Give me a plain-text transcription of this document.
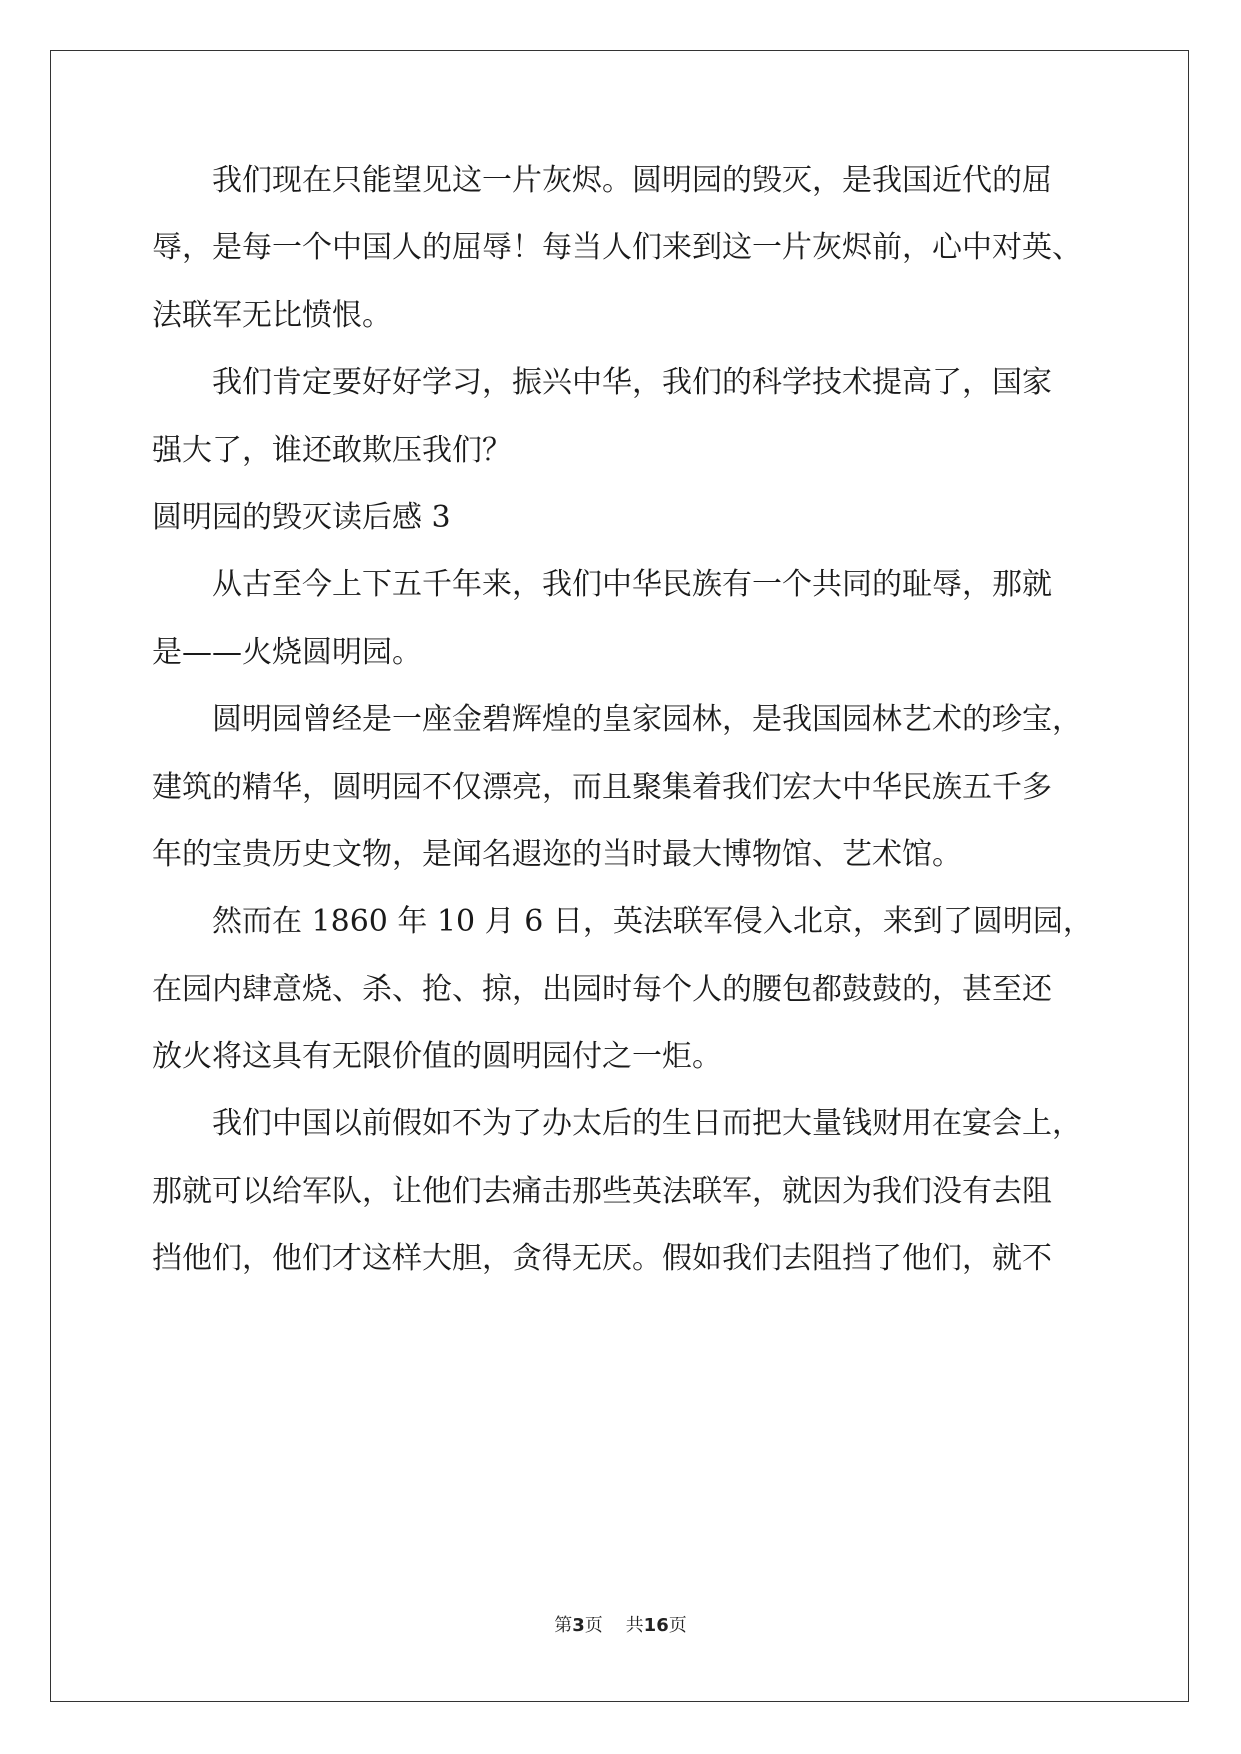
　　我们现在只能望见这一片灰烬。圆明园的毁灭，是我国近代的屈
辱，是每一个中国人的屈辱！每当人们来到这一片灰烬前，心中对英、
法联军无比愤恨。
　　我们肯定要好好学习，振兴中华，我们的科学技术提高了，国家
强大了，谁还敢欺压我们？
圆明园的毁灭读后感 3
　　从古至今上下五千年来，我们中华民族有一个共同的耻辱，那就
是——火烧圆明园。
　　圆明园曾经是一座金碧辉煌的皇家园林，是我国园林艺术的珍宝，
建筑的精华，圆明园不仅漂亮，而且聚集着我们宏大中华民族五千多
年的宝贵历史文物，是闻名遐迩的当时最大博物馆、艺术馆。
　　然而在 1860 年 10 月 6 日，英法联军侵入北京，来到了圆明园，
在园内肆意烧、杀、抢、掠，出园时每个人的腰包都鼓鼓的，甚至还
放火将这具有无限价值的圆明园付之一炬。
　　我们中国以前假如不为了办太后的生日而把大量钱财用在宴会上，
那就可以给军队，让他们去痛击那些英法联军，就因为我们没有去阻
挡他们，他们才这样大胆，贪得无厌。假如我们去阻挡了他们，就不
第3页 共16页
